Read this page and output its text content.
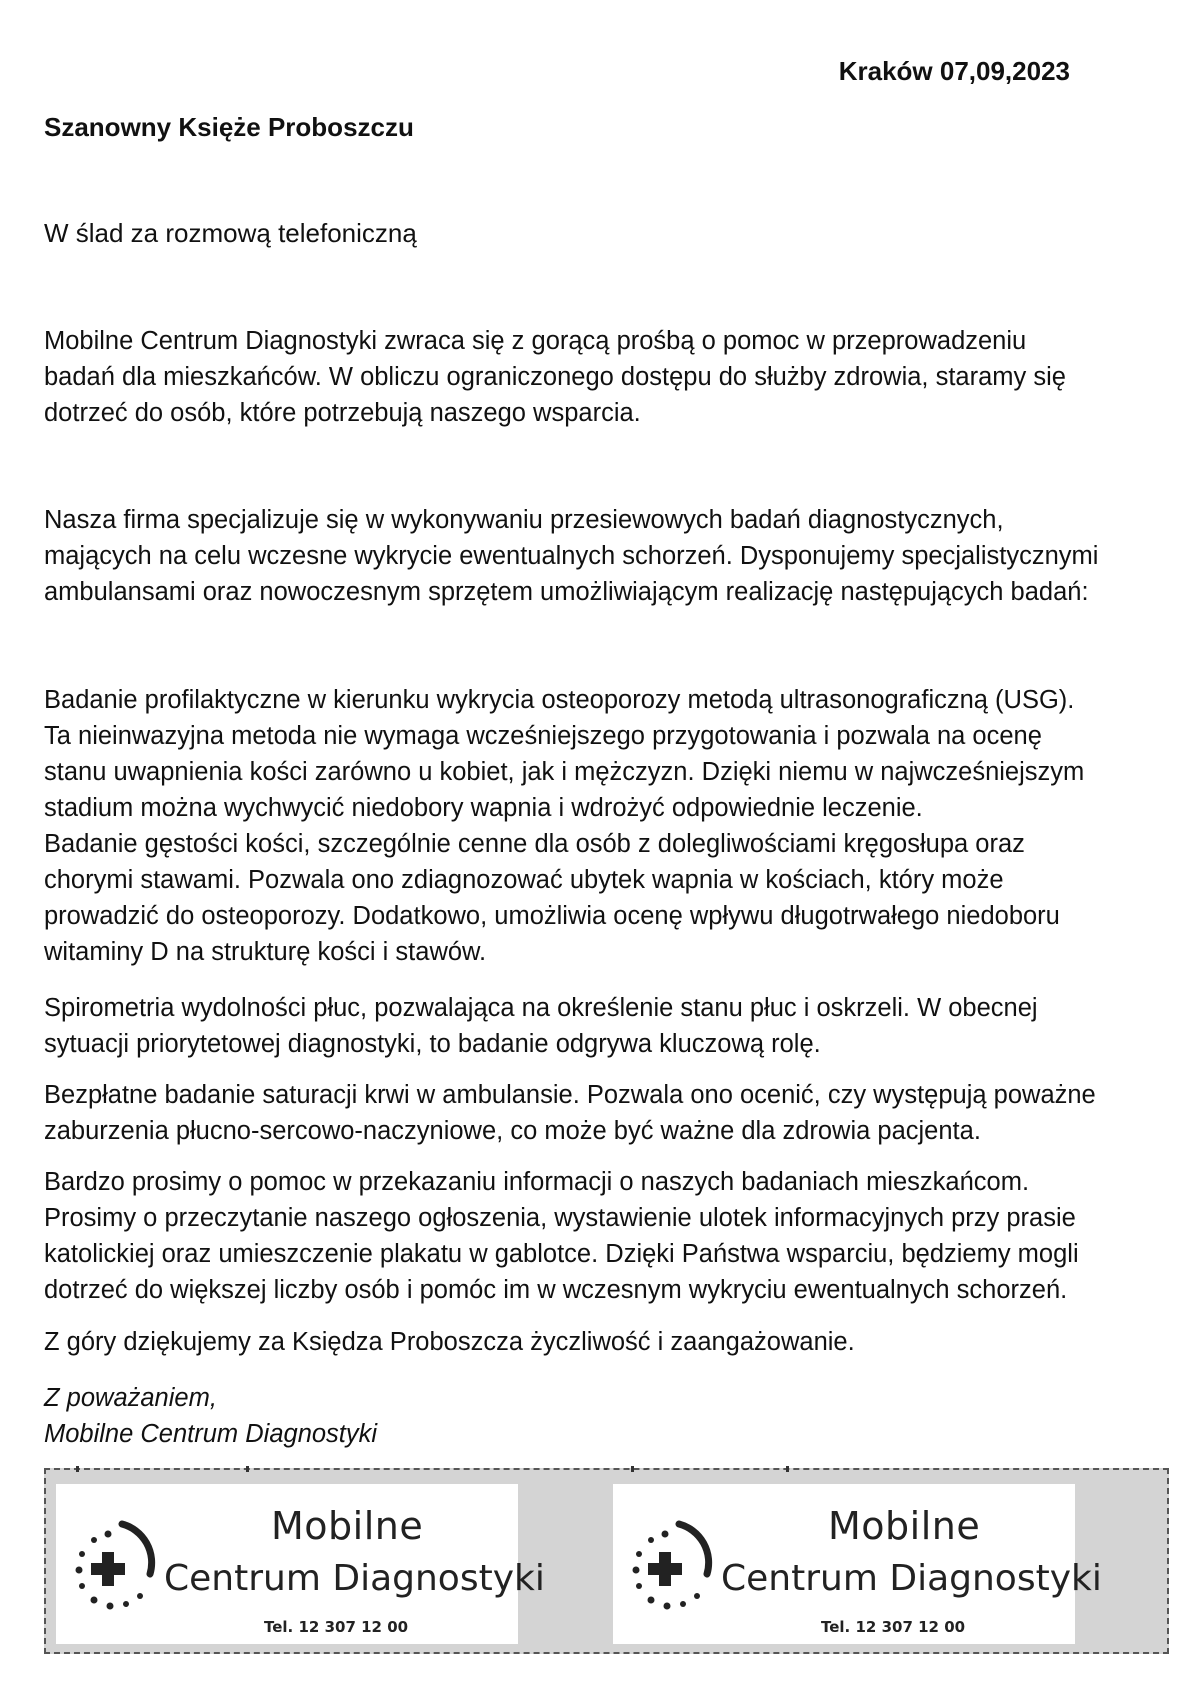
Kraków 07,09,2023
Szanowny Księże Proboszczu
W ślad za rozmową telefoniczną
Mobilne Centrum Diagnostyki zwraca się z gorącą prośbą o pomoc w przeprowadzeniu
badań dla mieszkańców. W obliczu ograniczonego dostępu do służby zdrowia, staramy się
dotrzeć do osób, które potrzebują naszego wsparcia.
Nasza firma specjalizuje się w wykonywaniu przesiewowych badań diagnostycznych,
mających na celu wczesne wykrycie ewentualnych schorzeń. Dysponujemy specjalistycznymi
ambulansami oraz nowoczesnym sprzętem umożliwiającym realizację następujących badań:
Badanie profilaktyczne w kierunku wykrycia osteoporozy metodą ultrasonograficzną (USG).
Ta nieinwazyjna metoda nie wymaga wcześniejszego przygotowania i pozwala na ocenę
stanu uwapnienia kości zarówno u kobiet, jak i mężczyzn. Dzięki niemu w najwcześniejszym
stadium można wychwycić niedobory wapnia i wdrożyć odpowiednie leczenie.
Badanie gęstości kości, szczególnie cenne dla osób z dolegliwościami kręgosłupa oraz
chorymi stawami. Pozwala ono zdiagnozować ubytek wapnia w kościach, który może
prowadzić do osteoporozy. Dodatkowo, umożliwia ocenę wpływu długotrwałego niedoboru
witaminy D na strukturę kości i stawów.
Spirometria wydolności płuc, pozwalająca na określenie stanu płuc i oskrzeli. W obecnej
sytuacji priorytetowej diagnostyki, to badanie odgrywa kluczową rolę.
Bezpłatne badanie saturacji krwi w ambulansie. Pozwala ono ocenić, czy występują poważne
zaburzenia płucno-sercowo-naczyniowe, co może być ważne dla zdrowia pacjenta.
Bardzo prosimy o pomoc w przekazaniu informacji o naszych badaniach mieszkańcom.
Prosimy o przeczytanie naszego ogłoszenia, wystawienie ulotek informacyjnych przy prasie
katolickiej oraz umieszczenie plakatu w gablotce. Dzięki Państwa wsparciu, będziemy mogli
dotrzeć do większej liczby osób i pomóc im w wczesnym wykryciu ewentualnych schorzeń.
Z góry dziękujemy za Księdza Proboszcza życzliwość i zaangażowanie.
Z poważaniem,
Mobilne Centrum Diagnostyki
Mobilne
Centrum Diagnostyki
Tel. 12 307 12 00
Mobilne
Centrum Diagnostyki
Tel. 12 307 12 00
